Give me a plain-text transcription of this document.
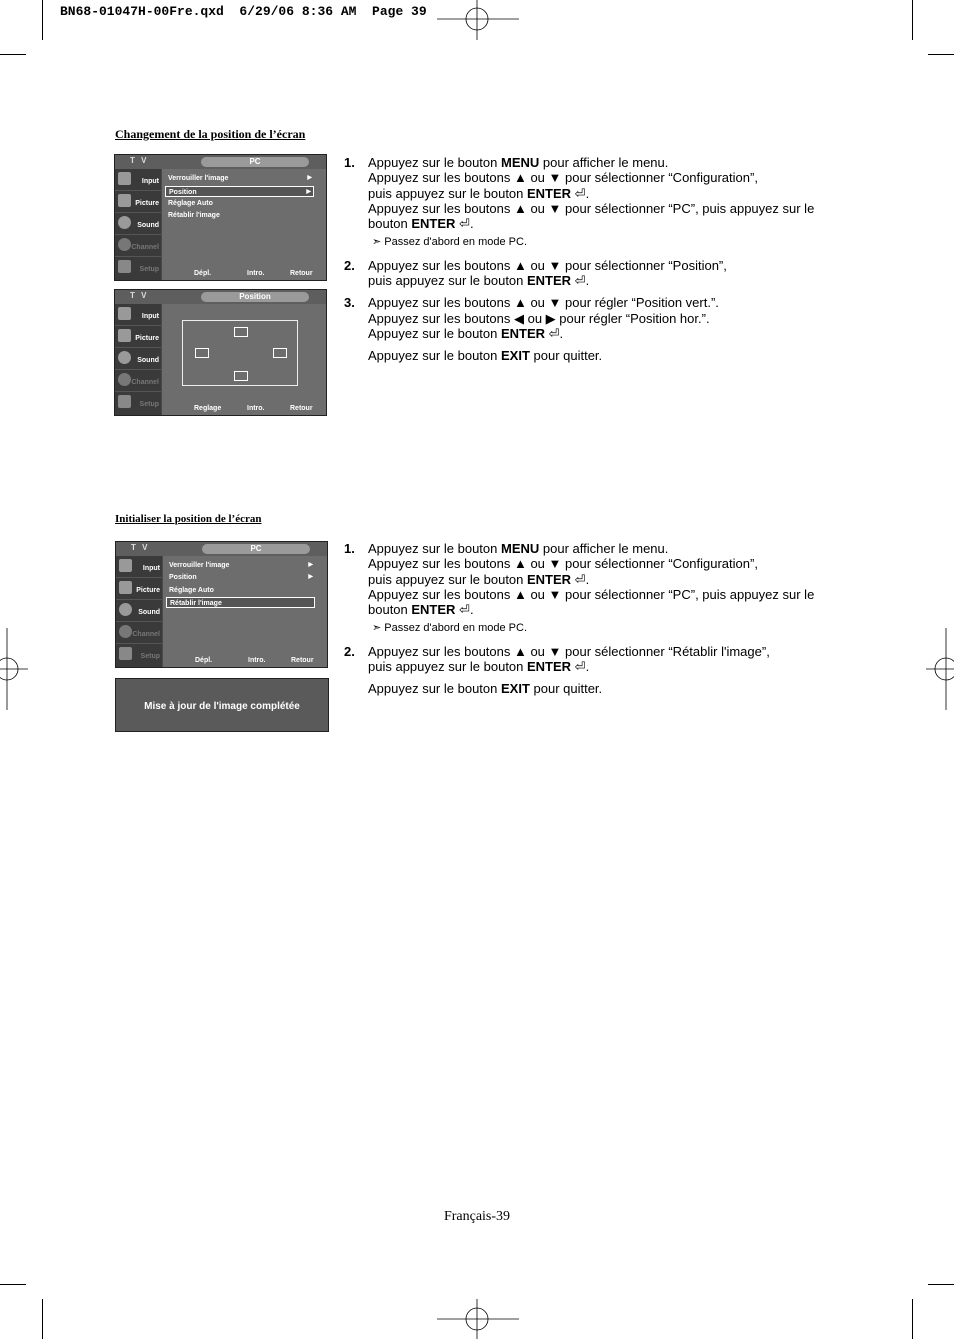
BN68-01047H-00Fre.qxd  6/29/06 8:36 AM  Page 39
Changement de la position de l’écran
T V	PC
Input
Picture
Sound
Channel
Setup
Verrouiller l'image	▶
Position	▶
Réglage Auto
Rétablir l'image
Dépl.	Intro.	Retour
T V	Position
Input
Picture
Sound
Channel
Setup
Reglage	Intro.	Retour
1. Appuyez sur le bouton MENU pour afficher le menu.
Appuyez sur les boutons ▲ ou ▼ pour sélectionner “Configuration”,
puis appuyez sur le bouton ENTER ⏎.
Appuyez sur les boutons ▲ ou ▼ pour sélectionner “PC”, puis appuyez sur le
bouton ENTER ⏎.
➣ Passez d'abord en mode PC.
2. Appuyez sur les boutons ▲ ou ▼ pour sélectionner “Position”,
puis appuyez sur le bouton ENTER ⏎.
3. Appuyez sur les boutons ▲ ou ▼ pour régler “Position vert.”.
Appuyez sur les boutons ◀ ou ▶ pour régler “Position hor.”.
Appuyez sur le bouton ENTER ⏎.
Appuyez sur le bouton EXIT pour quitter.
Initialiser la position de l’écran
T V	PC
Input
Picture
Sound
Channel
Setup
Verrouiller l'image	▶
Position	▶
Réglage Auto
Rétablir l'image
Dépl.	Intro.	Retour
Mise à jour de l'image complétée
1. Appuyez sur le bouton MENU pour afficher le menu.
Appuyez sur les boutons ▲ ou ▼ pour sélectionner “Configuration”,
puis appuyez sur le bouton ENTER ⏎.
Appuyez sur les boutons ▲ ou ▼ pour sélectionner “PC”, puis appuyez sur le
bouton ENTER ⏎.
➣ Passez d'abord en mode PC.
2. Appuyez sur les boutons ▲ ou ▼ pour sélectionner “Rétablir l'image”,
puis appuyez sur le bouton ENTER ⏎.
Appuyez sur le bouton EXIT pour quitter.
Français-39
